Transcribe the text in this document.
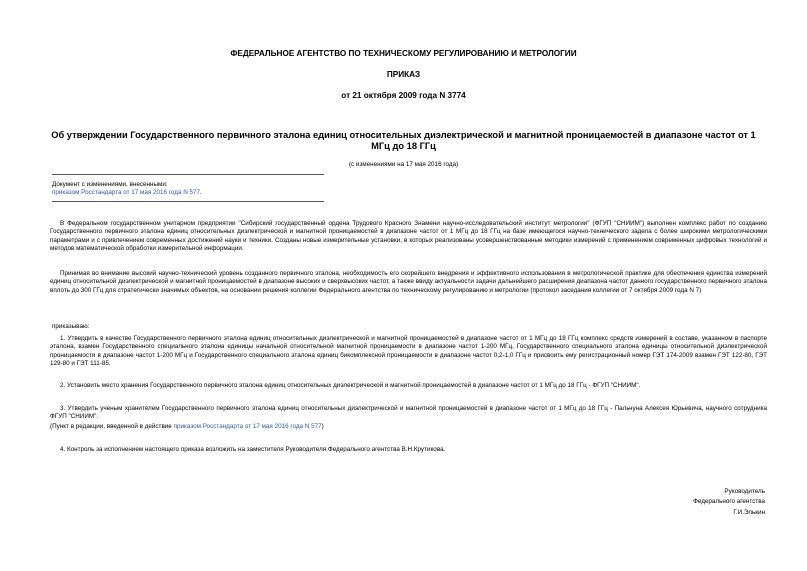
ФЕДЕРАЛЬНОЕ АГЕНТСТВО ПО ТЕХНИЧЕСКОМУ РЕГУЛИРОВАНИЮ И МЕТРОЛОГИИ
ПРИКАЗ
от 21 октября 2009 года N 3774
Об утверждении Государственного первичного эталона единиц относительных диэлектрической и магнитной проницаемостей в диапазоне частот от 1 МГц до 18 ГГц
(с изменениями на 17 мая 2016 года)
Документ с изменениями, внесенными:
приказом Росстандарта от 17 мая 2016 года N 577.

В Федеральном государственном унитарном предприятии "Сибирский государственный ордена Трудового Красного Знамени научно-исследовательский институт метрологии" (ФГУП "СНИИМ") выполнен комплекс работ по созданию Государственного первичного эталона единиц относительных диэлектрической и магнитной проницаемостей в диапазоне частот от 1 МГц до 18 ГГц на базе имеющегося научно-технического задела с более широкими метрологическими параметрами и с привлечением современных достижений науки и техники. Созданы новые измерительные установки, в которых реализованы усовершенствованные методики измерений с применением современных цифровых технологий и методов математической обработки измерительной информации.

Принимая во внимание высокий научно-технический уровень созданного первичного эталона, необходимость его скорейшего внедрения и эффективного использования в метрологической практике для обеспечения единства измерений единиц относительной диэлектрической и магнитной проницаемостей в диапазоне высоких и сверхвысоких частот, а также ввиду актуальности задачи дальнейшего расширения диапазона частот данного государственного первичного эталона вплоть до 300 ГГц для стратегически значимых объектов, на основании решения коллегии Федерального агентства по техническому регулированию и метрологии (протокол заседания коллегии от 7 октября 2009 года N 7)

приказываю:

1. Утвердить в качестве Государственного первичного эталона единиц относительных диэлектрической и магнитной проницаемостей в диапазоне частот от 1 МГц до 18 ГГц комплекс средств измерений в составе, указанном в паспорте эталона, взамен Государственного специального эталона единицы начальной относительной магнитной проницаемости в диапазоне частот 1-200 МГц, Государственного специального эталона единицы относительной диэлектрической проницаемости в диапазоне частот 1-200 МГц и Государственного специального эталона единиц бикомплексной проницаемости в диапазоне частот 0,2-1,0 ГГц и присвоить ему регистрационный номер ГЭТ 174-2009 взамен ГЭТ 122-80, ГЭТ 129-80 и ГЭТ 111-85.

2. Установить место хранения Государственного первичного эталона единиц относительных диэлектрической и магнитной проницаемостей в диапазоне частот от 1 МГц до 18 ГГц - ФГУП "СНИИМ".

3. Утвердить ученым хранителем Государственного первичного эталона единиц относительных диэлектрической и магнитной проницаемостей в диапазоне частот от 1 МГц до 18 ГГц - Пальчуна Алексея Юрьевича, научного сотрудника ФГУП "СНИИМ".

(Пункт в редакции, введенной в действие приказом Росстандарта от 17 мая 2016 года N 577)

4. Контроль за исполнением настоящего приказа возложить на заместителя Руководителя Федерального агентства В.Н.Крутикова.

Руководитель
Федерального агентства
Г.И.Элькин
